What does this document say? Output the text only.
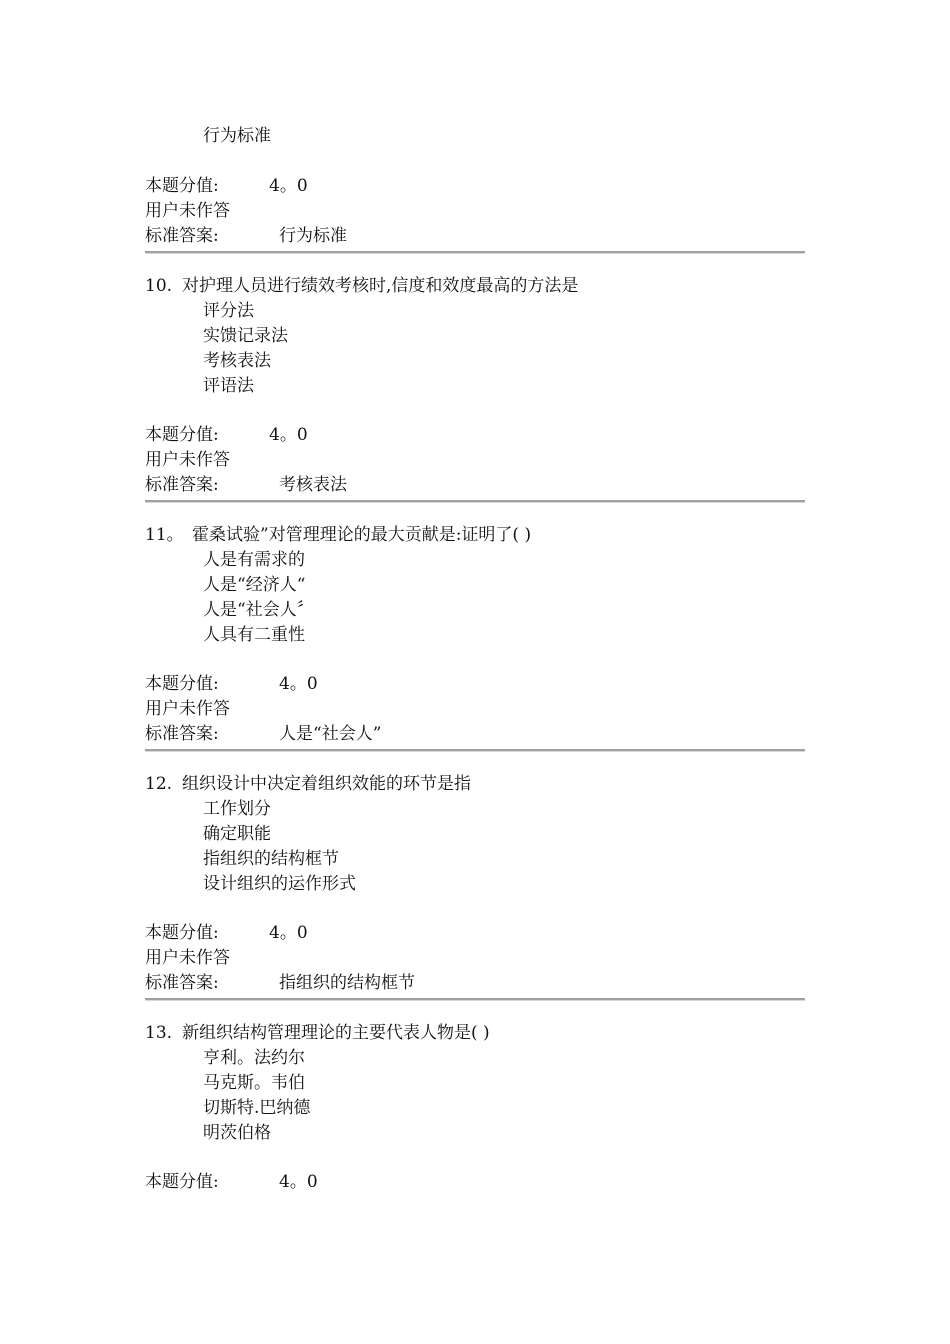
行为标准
本题分值:	4。0
用户未作答
标准答案:	行为标准
10. 对护理人员进行绩效考核时,信度和效度最高的方法是
评分法
实馈记录法
考核表法
评语法
本题分值:	4。0
用户未作答
标准答案:	考核表法
11。 霍桑试验”对管理理论的最大贡献是:证明了( )
人是有需求的
人是“经济人“
人是“社会人〞
人具有二重性
本题分值:	4。0
用户未作答
标准答案:	人是“社会人”
12. 组织设计中决定着组织效能的环节是指
工作划分
确定职能
指组织的结构框节
设计组织的运作形式
本题分值:	4。0
用户未作答
标准答案:	指组织的结构框节
13. 新组织结构管理理论的主要代表人物是( )
亨利。法约尔
马克斯。韦伯
切斯特.巴纳德
明茨伯格
本题分值:	4。0
